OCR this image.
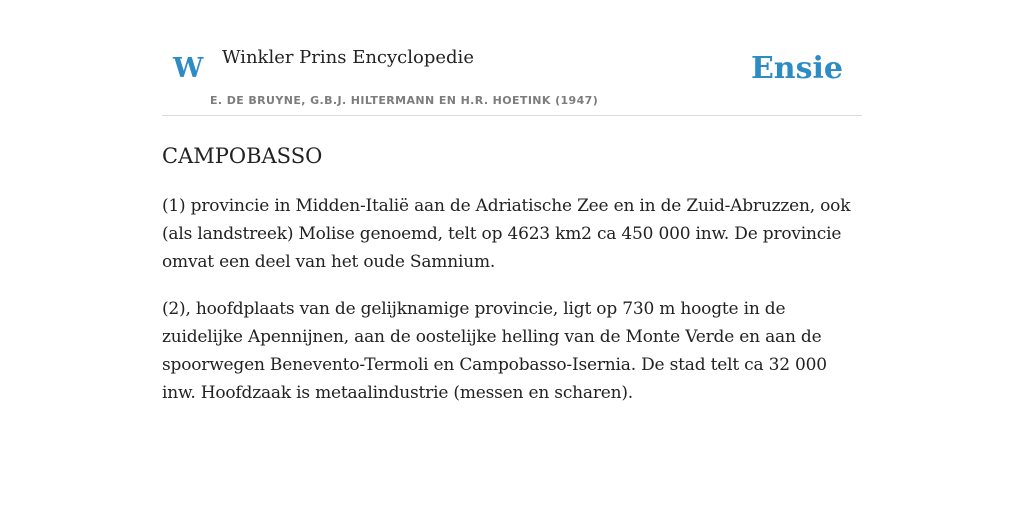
W Winkler Prins Encyclopedie
E. DE BRUYNE, G.B.J. HILTERMANN EN H.R. HOETINK (1947)
Ensie
CAMPOBASSO

(1) provincie in Midden-Italië aan de Adriatische Zee en in de Zuid-Abruzzen, ook (als landstreek) Molise genoemd, telt op 4623 km2 ca 450 000 inw. De provincie omvat een deel van het oude Samnium.

(2), hoofdplaats van de gelijknamige provincie, ligt op 730 m hoogte in de zuidelijke Apennijnen, aan de oostelijke helling van de Monte Verde en aan de spoorwegen Benevento-Termoli en Campobasso-Isernia. De stad telt ca 32 000 inw. Hoofdzaak is metaalindustrie (messen en scharen).
